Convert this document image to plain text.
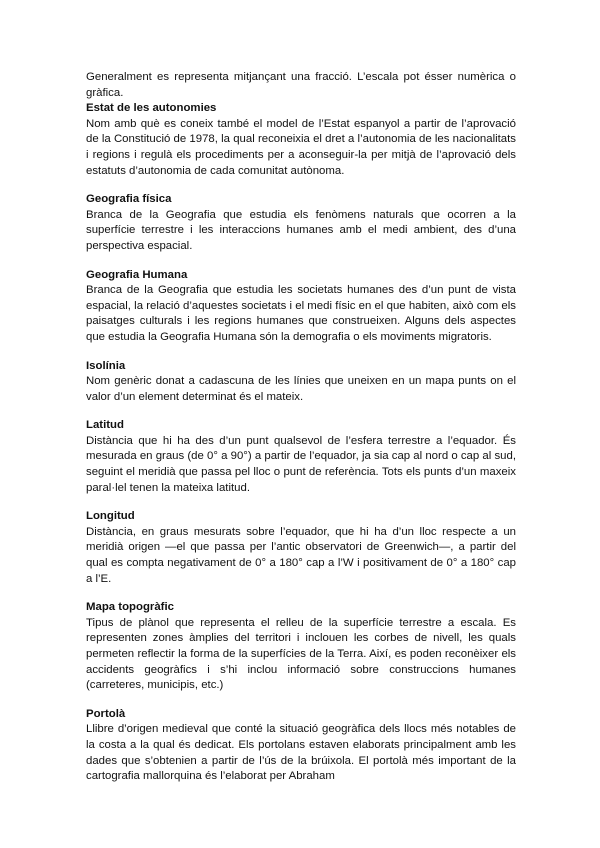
Generalment es representa mitjançant una fracció. L’escala pot ésser numèrica o gràfica.

Estat de les autonomies

Nom amb què es coneix també el model de l’Estat espanyol a partir de l’aprovació de la Constitució de 1978, la qual reconeixia el dret a l’autonomia de les nacionalitats i regions i regulà els procediments per a aconseguir-la per mitjà de l’aprovació dels estatuts d’autonomia de cada comunitat autònoma.

Geografia física

Branca de la Geografia que estudia els fenòmens naturals que ocorren a la superfície terrestre i les interaccions humanes amb el medi ambient, des d’una perspectiva espacial.

Geografia Humana

Branca de la Geografia que estudia les societats humanes des d’un punt de vista espacial, la relació d’aquestes societats i el medi físic en el que habiten, això com els paisatges culturals i les regions humanes que construeixen. Alguns dels aspectes que estudia la Geografia Humana són la demografia o els moviments migratoris.

Isolínia

Nom genèric donat a cadascuna de les línies que uneixen en un mapa punts on el valor d’un element determinat és el mateix.

Latitud

Distància que hi ha des d’un punt qualsevol de l’esfera terrestre a l’equador. És mesurada en graus (de 0° a 90°) a partir de l’equador, ja sia cap al nord o cap al sud, seguint el meridià que passa pel lloc o punt de referència. Tots els punts d’un maxeix paral·lel tenen la mateixa latitud.

Longitud

Distància, en graus mesurats sobre l’equador, que hi ha d’un lloc respecte a un meridià origen —el que passa per l’antic observatori de Greenwich—, a partir del qual es compta negativament de 0° a 180° cap a l’W i positivament de 0° a 180° cap a l’E.

Mapa topogràfic

Tipus de plànol que representa el relleu de la superfície terrestre a escala. Es representen zones àmplies del territori i inclouen les corbes de nivell, les quals permeten reflectir la forma de la superfícies de la Terra. Així, es poden reconèixer els accidents geogràfics i s’hi inclou informació sobre construccions humanes (carreteres, municipis, etc.)

Portolà

Llibre d’origen medieval que conté la situació geogràfica dels llocs més notables de la costa a la qual és dedicat. Els portolans estaven elaborats principalment amb les dades que s’obtenien a partir de l’ús de la brúixola. El portolà més important de la cartografia mallorquina és l’elaborat per Abraham
